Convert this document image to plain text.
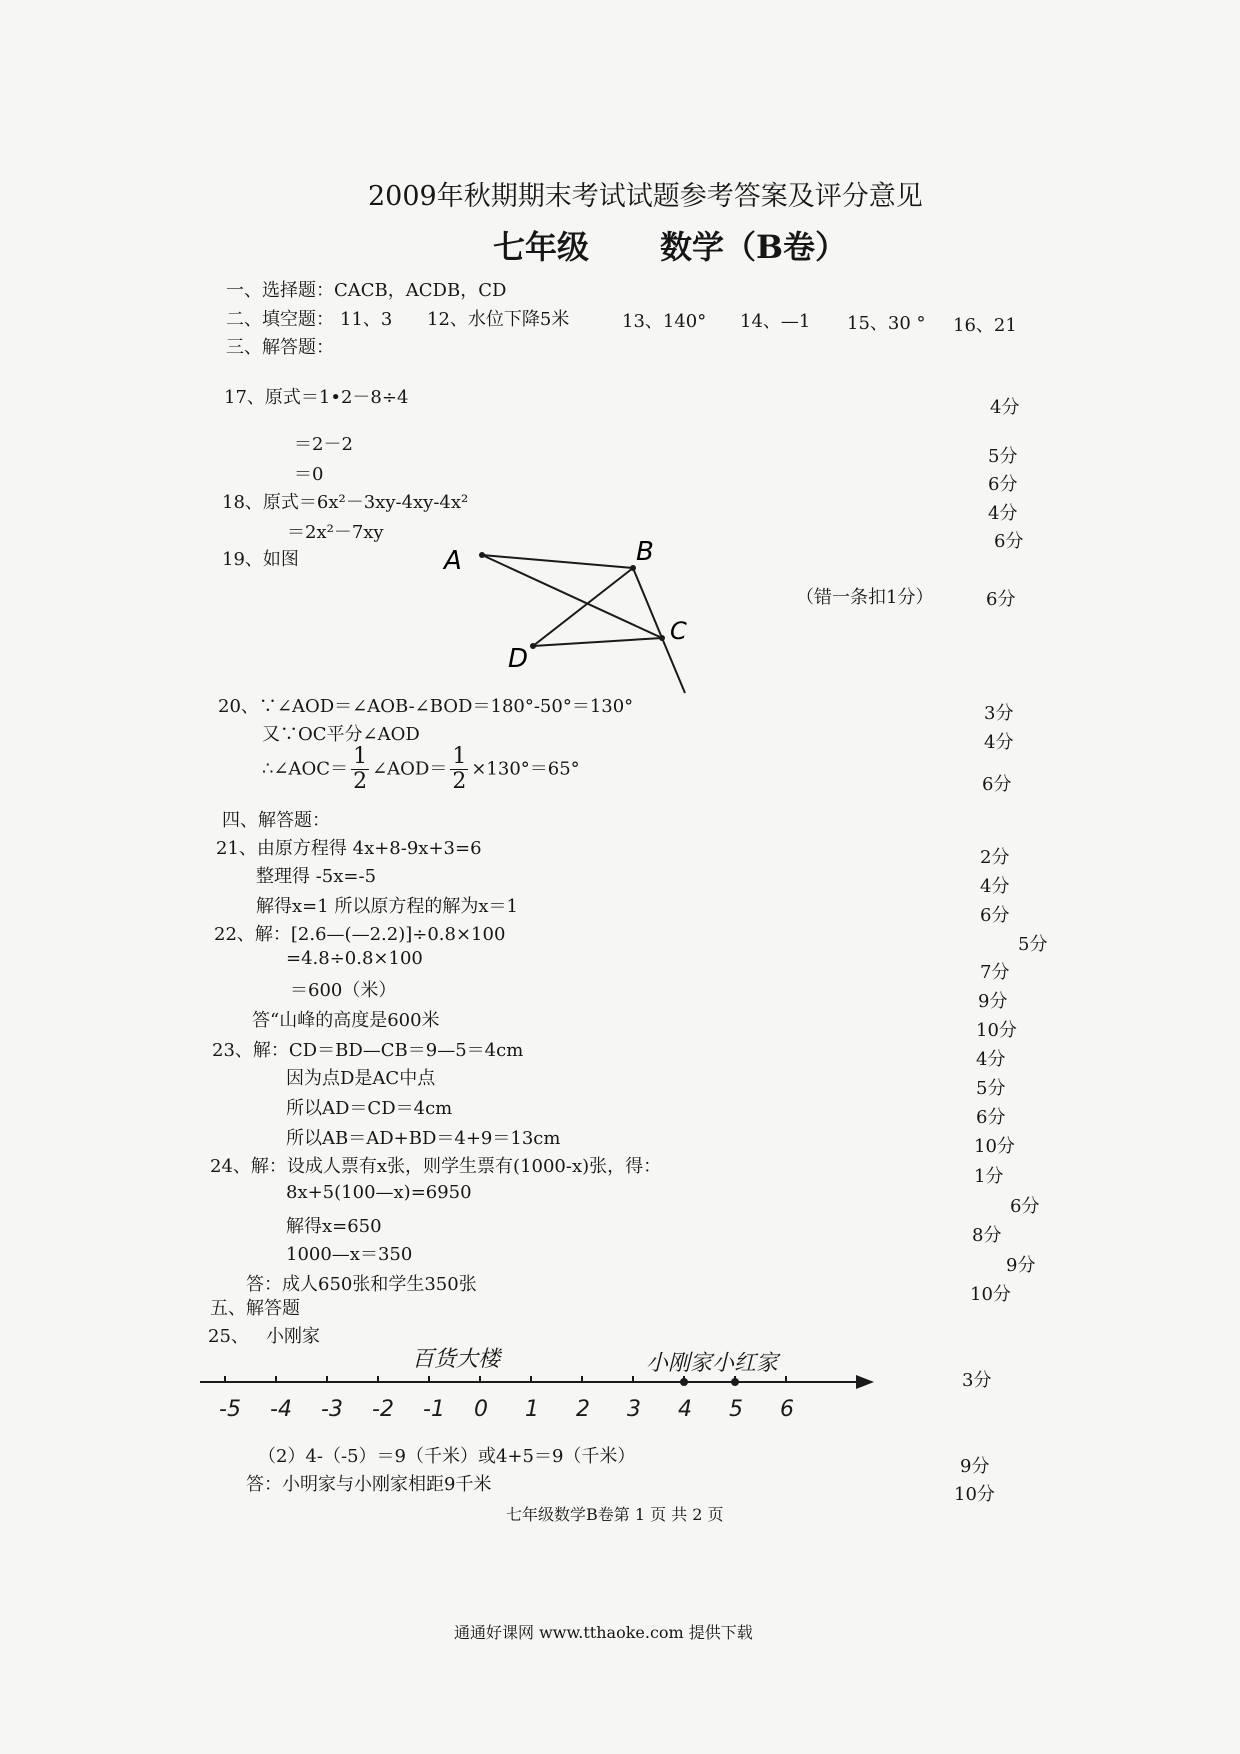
2009年秋期期末考试试题参考答案及评分意见
七年级 数学（B卷）
一、选择题：CACB，ACDB，CD
二、填空题： 11、3 12、水位下降5米	13、140° 14、—1 15、30 ° 16、21
三、解答题：
17、原式＝1•2－8÷4
＝2－2
＝0
4分
5分
6分
18、原式＝6x²－3xy-4xy-4x²
＝2x²－7xy
4分
6分
19、如图	A	B
C
D
（错一条扣1分）	6分
20、∵∠AOD＝∠AOB-∠BOD＝180°-50°＝130°
又∵OC平分∠AOD
∴∠AOC＝ $\frac{1}{2}$ ∠AOD＝ $\frac{1}{2} \times 130^\circ=65^\circ$
3分
4分
6分
四、解答题：
21、由原方程得 4x+8-9x+3=6
整理得 -5x=-5
解得x=1 所以原方程的解为x＝1
2分
4分
6分
22、解：[2.6—(—2.2)]÷0.8×100
=4.8÷0.8×100
＝600（米）
答“山峰的高度是600米
5分
7分
9分
10分
23、解：CD＝BD—CB＝9—5＝4cm
因为点D是AC中点
所以AD＝CD＝4cm
所以AB＝AD+BD＝4+9＝13cm
4分
5分
6分
10分
24、解：设成人票有x张，则学生票有(1000-x)张，得：
8x+5(100—x)=6950
解得x=650
1000—x＝350
答：成人650张和学生350张
1分
6分
8分
9分
10分
五、解答题
25、 小刚家
百货大楼	小刚家小红家
-5 -4 -3 -2 -1 0 1 2 3 4 5 6
3分
（2）4-（-5）＝9（千米）或4+5＝9（千米）
答：小明家与小刚家相距9千米
9分
10分
七年级数学B卷第 1 页 共 2 页
通通好课网 www.tthaoke.com 提供下载
